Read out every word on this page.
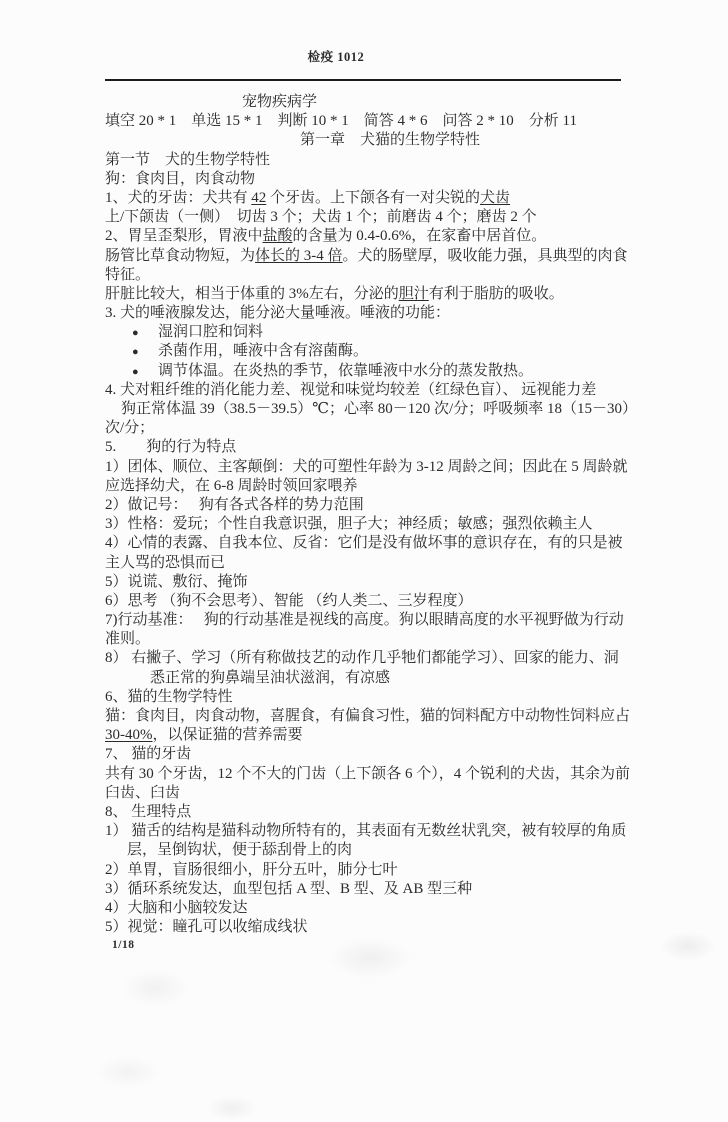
检疫 1012
宠物疾病学
填空 20 * 1　单选 15 * 1　判断 10 * 1　简答 4 * 6　问答 2 * 10　分析 11
第一章　犬猫的生物学特性
第一节　犬的生物学特性
狗：食肉目，肉食动物
1、犬的牙齿：犬共有 42 个牙齿。上下颌各有一对尖锐的犬齿
上/下颌齿（一侧）　切齿 3 个；犬齿 1 个；前磨齿 4 个；磨齿 2 个
2、胃呈歪梨形，胃液中盐酸的含量为 0.4-0.6%，在家畜中居首位。
肠管比草食动物短，为体长的 3-4 倍。犬的肠壁厚，吸收能力强，具典型的肉食
特征。
肝脏比较大，相当于体重的 3%左右，分泌的胆汁有利于脂肪的吸收。
3. 犬的唾液腺发达，能分泌大量唾液。唾液的功能：
● 湿润口腔和饲料
● 杀菌作用，唾液中含有溶菌酶。
● 调节体温。在炎热的季节，依靠唾液中水分的蒸发散热。
4. 犬对粗纤维的消化能力差、视觉和味觉均较差（红绿色盲）、 远视能力差
狗正常体温 39（38.5－39.5）℃；心率 80－120 次/分；呼吸频率 18（15－30）
次/分；
5.　　狗的行为特点
1）团体、顺位、主客颠倒：犬的可塑性年龄为 3-12 周龄之间；因此在 5 周龄就
应选择幼犬，在 6-8 周龄时领回家喂养
2）做记号：　 狗有各式各样的势力范围
3）性格：爱玩；个性自我意识强，胆子大；神经质；敏感；强烈依赖主人
4）心情的表露、自我本位、反省：它们是没有做坏事的意识存在，有的只是被
主人骂的恐惧而已
5）说谎、敷衍、掩饰
6）思考 （狗不会思考）、智能 （约人类二、三岁程度）
7)行动基准：　 狗的行动基准是视线的高度。狗以眼睛高度的水平视野做为行动
准则。
8） 右撇子、学习（所有称做技艺的动作几乎牠们都能学习）、回家的能力、洞
悉正常的狗鼻端呈油状滋润，有凉感
6、猫的生物学特性
猫：食肉目，肉食动物，喜腥食，有偏食习性，猫的饲料配方中动物性饲料应占
30-40%，以保证猫的营养需要
7、 猫的牙齿
共有 30 个牙齿，12 个不大的门齿（上下颌各 6 个），4 个锐利的犬齿，其余为前
臼齿、臼齿
8、 生理特点
1） 猫舌的结构是猫科动物所特有的，其表面有无数丝状乳突，被有较厚的角质
层，呈倒钩状，便于舔刮骨上的肉
2）单胃，盲肠很细小，肝分五叶，肺分七叶
3）循环系统发达，血型包括 A 型、B 型、及 AB 型三种
4）大脑和小脑较发达
5）视觉：瞳孔可以收缩成线状
1/18
